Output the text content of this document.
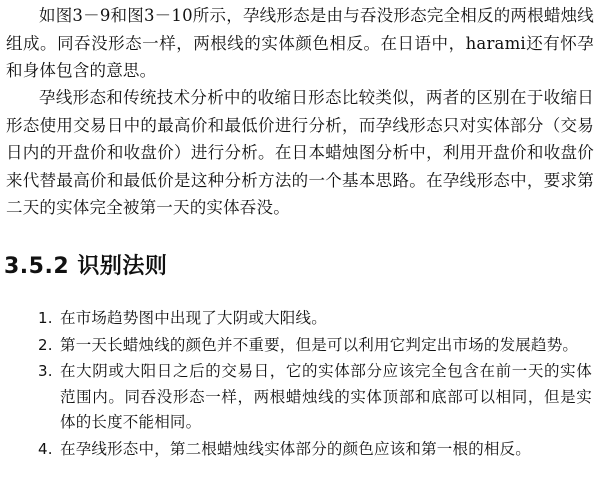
如图3－9和图3－10所示，孕线形态是由与吞没形态完全相反的两根蜡烛线组成。同吞没形态一样，两根线的实体颜色相反。在日语中，harami还有怀孕和身体包含的意思。

孕线形态和传统技术分析中的收缩日形态比较类似，两者的区别在于收缩日形态使用交易日中的最高价和最低价进行分析，而孕线形态只对实体部分（交易日内的开盘价和收盘价）进行分析。在日本蜡烛图分析中，利用开盘价和收盘价来代替最高价和最低价是这种分析方法的一个基本思路。在孕线形态中，要求第二天的实体完全被第一天的实体吞没。

3.5.2 识别法则
1. 在市场趋势图中出现了大阴或大阳线。
2. 第一天长蜡烛线的颜色并不重要，但是可以利用它判定出市场的发展趋势。
3. 在大阴或大阳日之后的交易日，它的实体部分应该完全包含在前一天的实体范围内。同吞没形态一样，两根蜡烛线的实体顶部和底部可以相同，但是实体的长度不能相同。
4. 在孕线形态中，第二根蜡烛线实体部分的颜色应该和第一根的相反。
